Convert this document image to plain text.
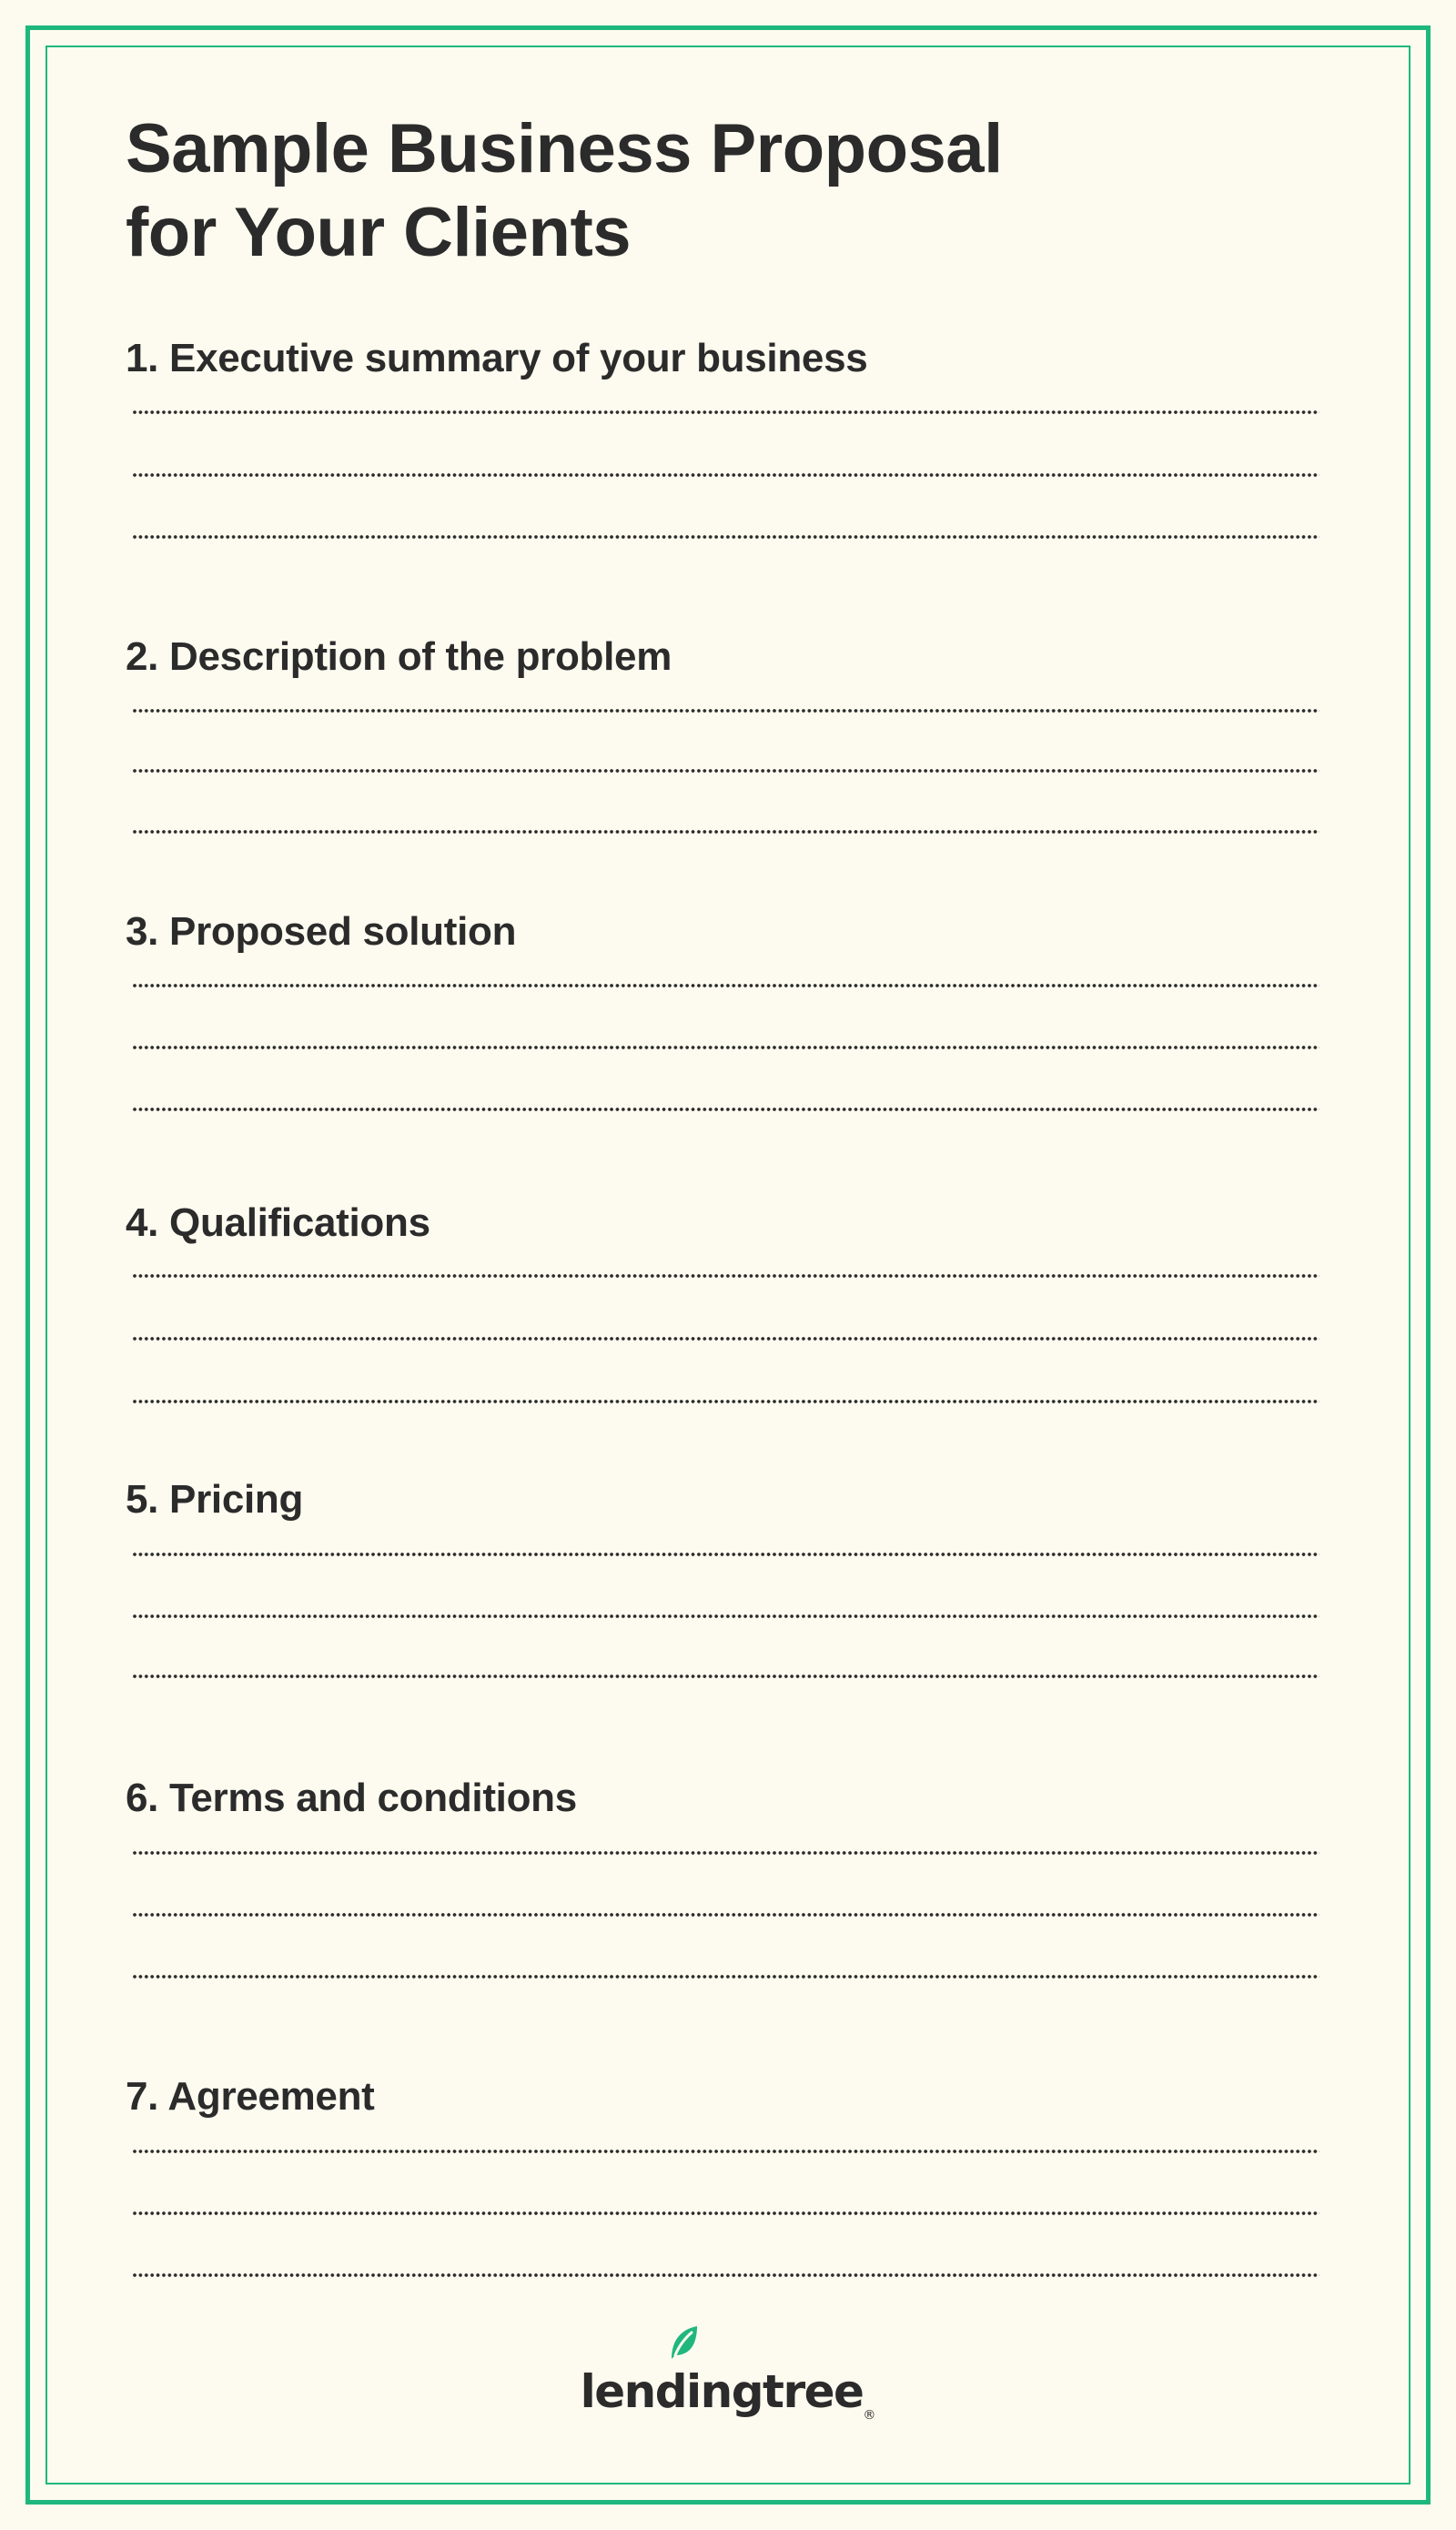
Sample Business Proposal
for Your Clients
1. Executive summary of your business
2. Description of the problem
3. Proposed solution
4. Qualifications
5. Pricing
6. Terms and conditions
7. Agreement
lendingtree®
